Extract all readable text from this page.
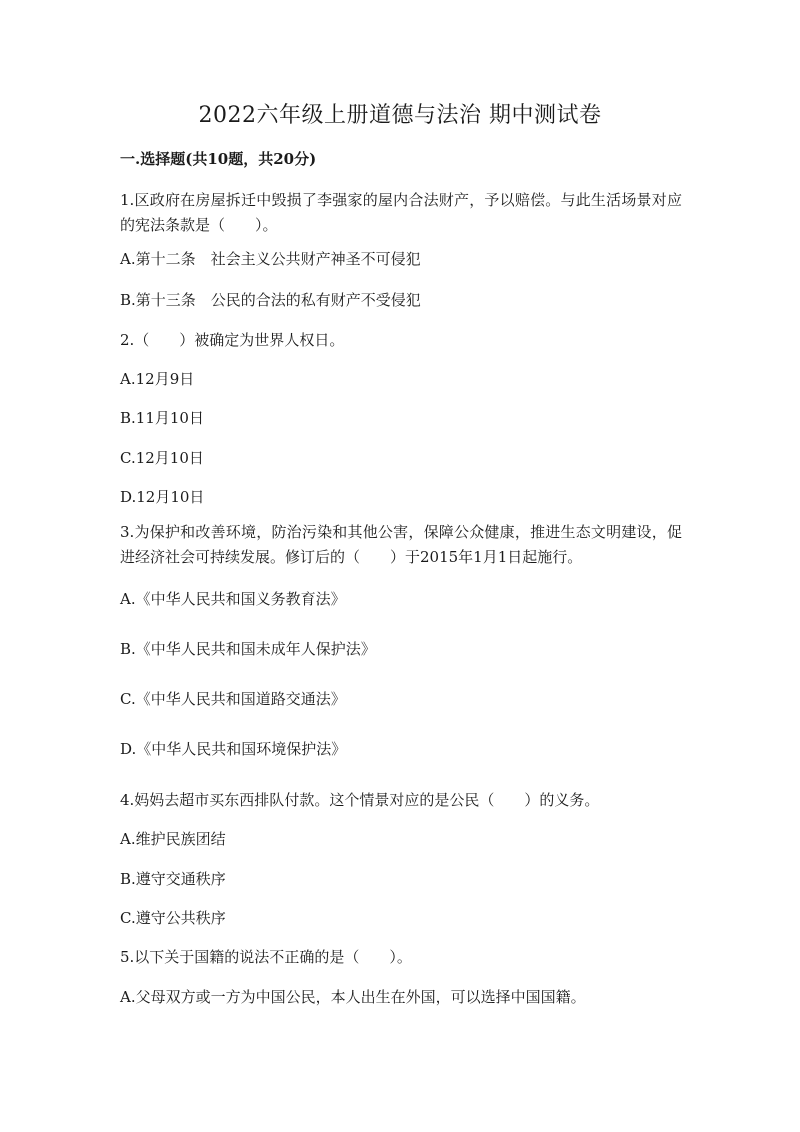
2022六年级上册道德与法治 期中测试卷
一.选择题(共10题，共20分)
1.区政府在房屋拆迁中毁损了李强家的屋内合法财产，予以赔偿。与此生活场景对应的宪法条款是（　　）。
A.第十二条　社会主义公共财产神圣不可侵犯
B.第十三条　公民的合法的私有财产不受侵犯
2.（　　）被确定为世界人权日。
A.12月9日
B.11月10日
C.12月10日
D.12月10日
3.为保护和改善环境，防治污染和其他公害，保障公众健康，推进生态文明建设，促进经济社会可持续发展。修订后的（　　）于2015年1月1日起施行。
A.《中华人民共和国义务教育法》
B.《中华人民共和国未成年人保护法》
C.《中华人民共和国道路交通法》
D.《中华人民共和国环境保护法》
4.妈妈去超市买东西排队付款。这个情景对应的是公民（　　）的义务。
A.维护民族团结
B.遵守交通秩序
C.遵守公共秩序
5.以下关于国籍的说法不正确的是（　　）。
A.父母双方或一方为中国公民，本人出生在外国，可以选择中国国籍。
